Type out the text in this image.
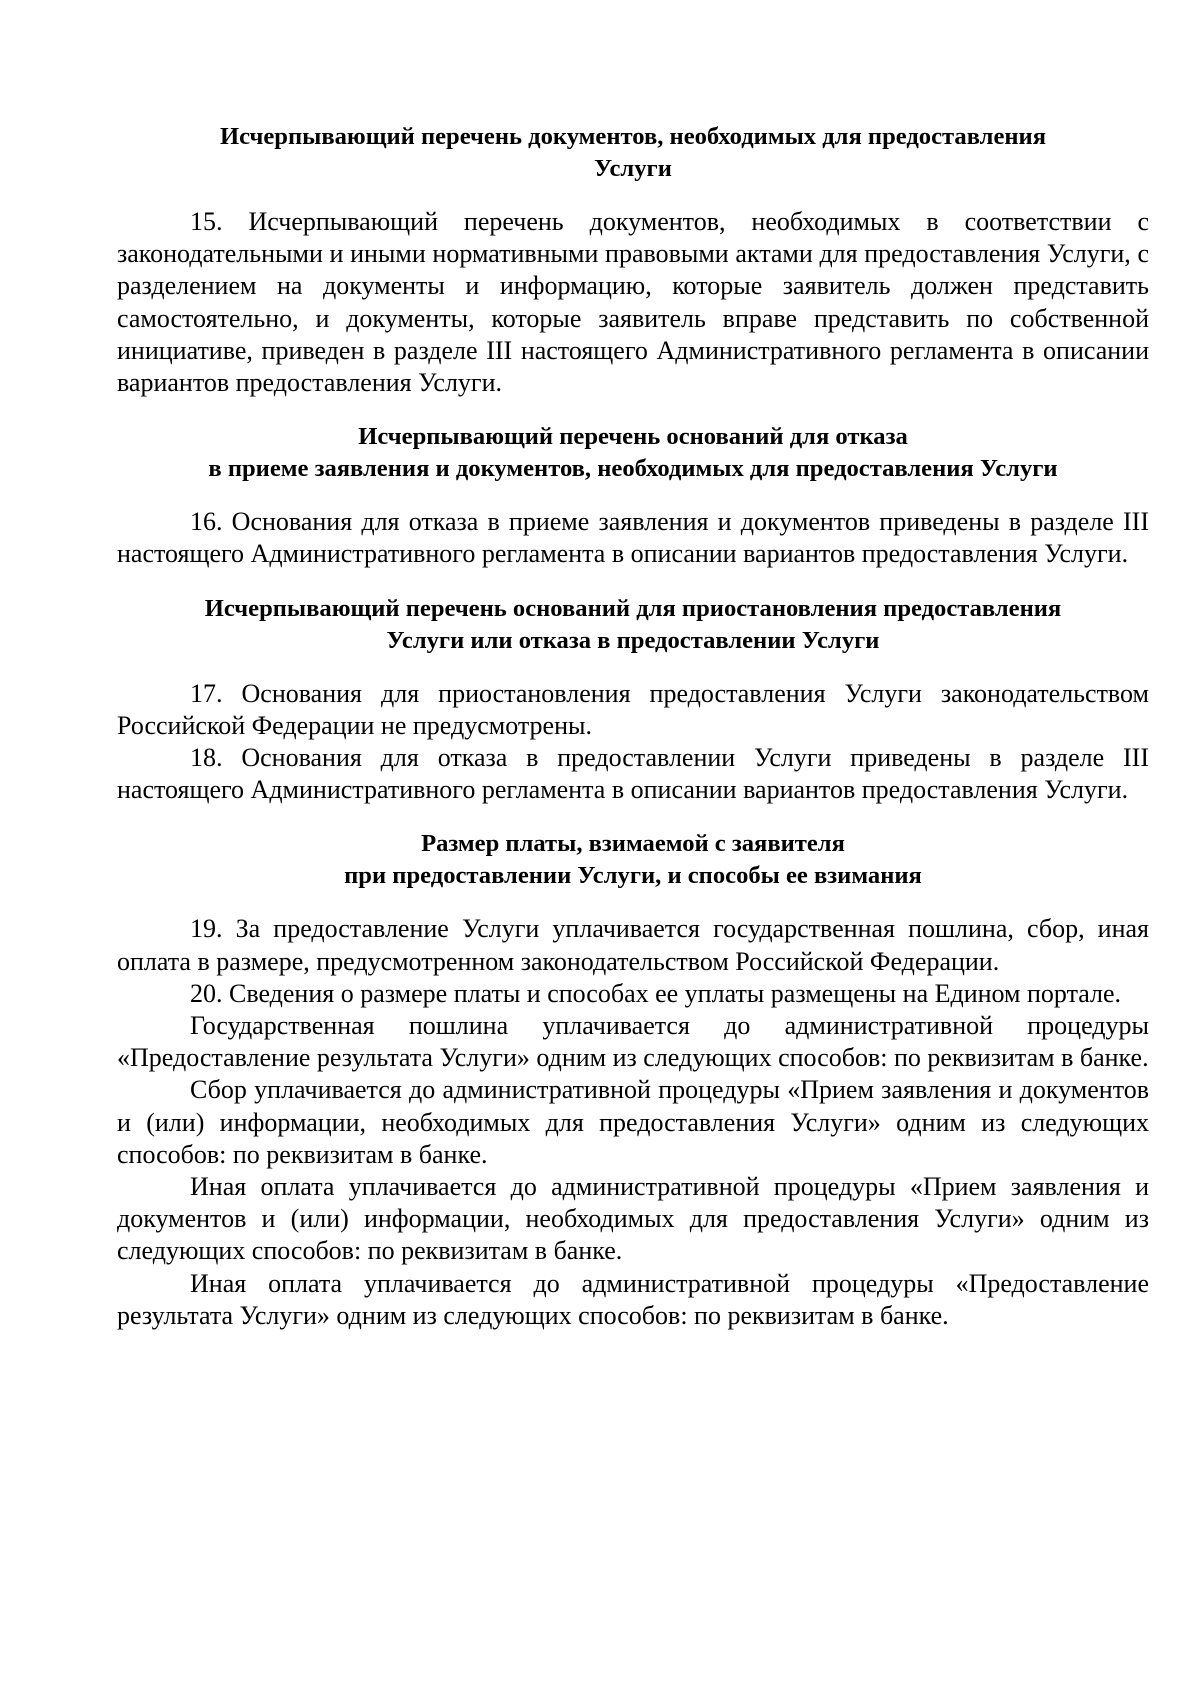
Исчерпывающий перечень документов, необходимых для предоставления
Услуги

15. Исчерпывающий перечень документов, необходимых в соответствии с законодательными и иными нормативными правовыми актами для предоставления Услуги, с разделением на документы и информацию, которые заявитель должен представить самостоятельно, и документы, которые заявитель вправе представить по собственной инициативе, приведен в разделе III настоящего Административного регламента в описании вариантов предоставления Услуги.

Исчерпывающий перечень оснований для отказа
в приеме заявления и документов, необходимых для предоставления Услуги

16. Основания для отказа в приеме заявления и документов приведены в разделе III настоящего Административного регламента в описании вариантов предоставления Услуги.

Исчерпывающий перечень оснований для приостановления предоставления
Услуги или отказа в предоставлении Услуги

17. Основания для приостановления предоставления Услуги законодательством Российской Федерации не предусмотрены.

18. Основания для отказа в предоставлении Услуги приведены в разделе III настоящего Административного регламента в описании вариантов предоставления Услуги.

Размер платы, взимаемой с заявителя
при предоставлении Услуги, и способы ее взимания

19. За предоставление Услуги уплачивается государственная пошлина, сбор, иная оплата в размере, предусмотренном законодательством Российской Федерации.

20. Сведения о размере платы и способах ее уплаты размещены на Едином портале.

Государственная пошлина уплачивается до административной процедуры «Предоставление результата Услуги» одним из следующих способов: по реквизитам в банке.

Сбор уплачивается до административной процедуры «Прием заявления и документов и (или) информации, необходимых для предоставления Услуги» одним из следующих способов: по реквизитам в банке.

Иная оплата уплачивается до административной процедуры «Прием заявления и документов и (или) информации, необходимых для предоставления Услуги» одним из следующих способов: по реквизитам в банке.

Иная оплата уплачивается до административной процедуры «Предоставление результата Услуги» одним из следующих способов: по реквизитам в банке.
